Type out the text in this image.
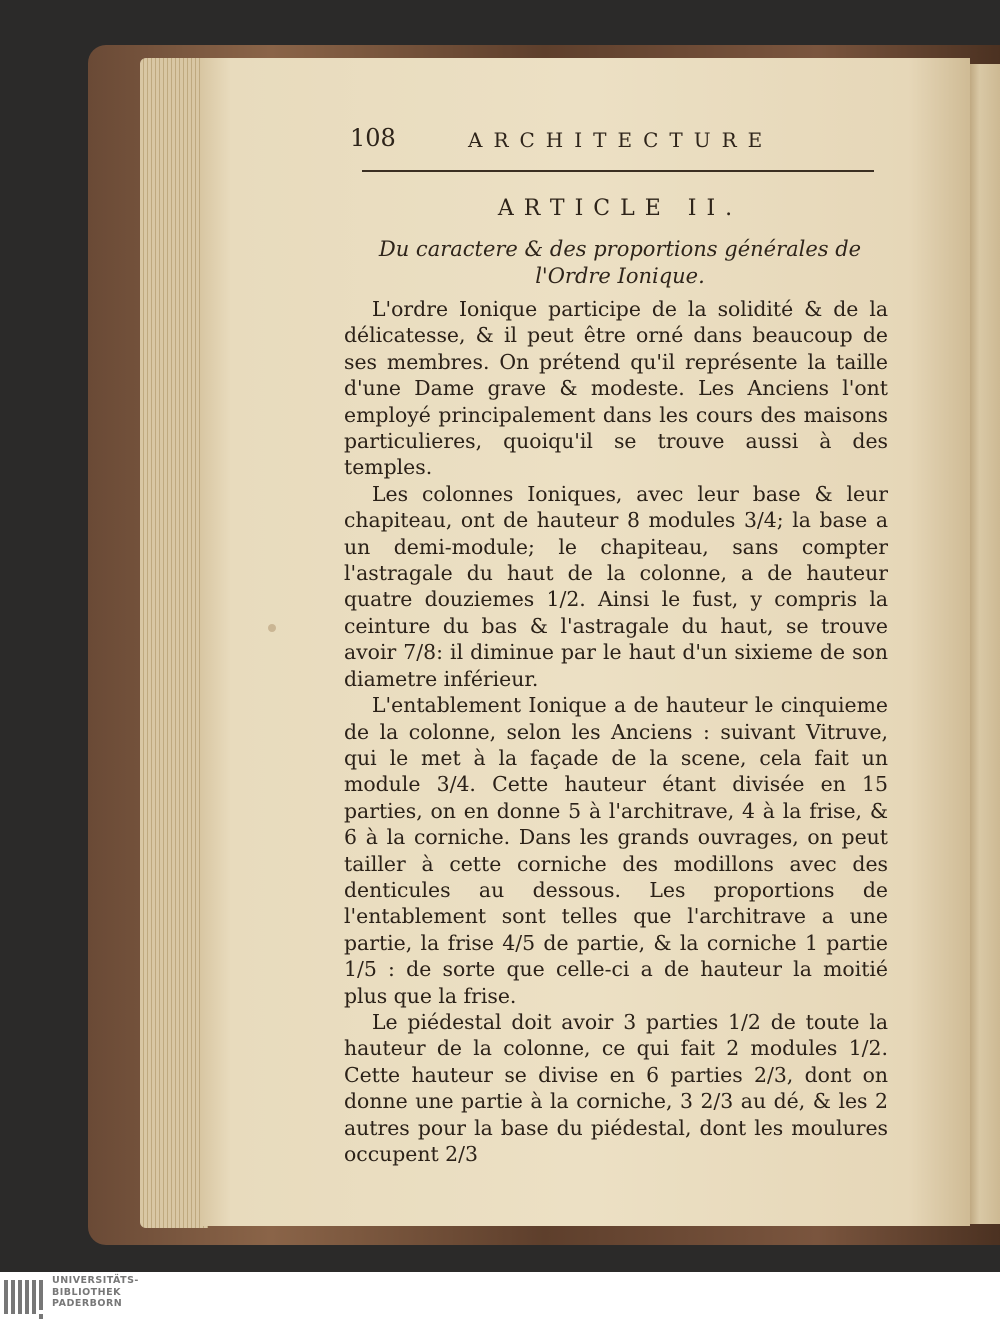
108	ARCHITECTURE
ARTICLE II.
Du caractere & des proportions générales de l'Ordre Ionique.

L'ordre Ionique participe de la solidité & de la délicatesse, & il peut être orné dans beaucoup de ses membres. On prétend qu'il représente la taille d'une Dame grave & modeste. Les Anciens l'ont employé principalement dans les cours des maisons particulieres, quoiqu'il se trouve aussi à des temples.

Les colonnes Ioniques, avec leur base & leur chapiteau, ont de hauteur 8 modules 3/4; la base a un demi-module; le chapiteau, sans compter l'astragale du haut de la colonne, a de hauteur quatre douziemes 1/2. Ainsi le fust, y compris la ceinture du bas & l'astragale du haut, se trouve avoir 7/8: il diminue par le haut d'un sixieme de son diametre inférieur.

L'entablement Ionique a de hauteur le cinquieme de la colonne, selon les Anciens : suivant Vitruve, qui le met à la façade de la scene, cela fait un module 3/4. Cette hauteur étant divisée en 15 parties, on en donne 5 à l'architrave, 4 à la frise, & 6 à la corniche. Dans les grands ouvrages, on peut tailler à cette corniche des modillons avec des denticules au dessous. Les proportions de l'entablement sont telles que l'architrave a une partie, la frise 4/5 de partie, & la corniche 1 partie 1/5 : de sorte que celle-ci a de hauteur la moitié plus que la frise.

Le piédestal doit avoir 3 parties 1/2 de toute la hauteur de la colonne, ce qui fait 2 modules 1/2. Cette hauteur se divise en 6 parties 2/3, dont on donne une partie à la corniche, 3 2/3 au dé, & les 2 autres pour la base du piédestal, dont les moulures occupent 2/3

UNIVERSITÄTS-
BIBLIOTHEK
PADERBORN
